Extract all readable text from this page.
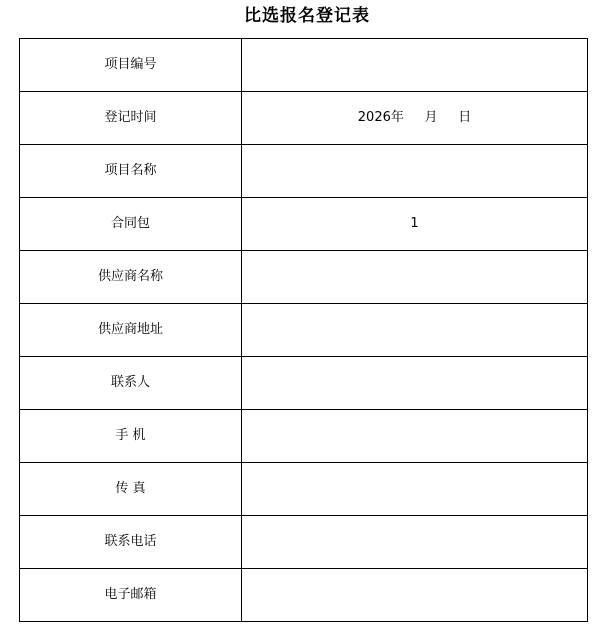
比选报名登记表
项目编号	
登记时间	2026年     月     日
项目名称	
合同包	1
供应商名称	
供应商地址	
联系人	
手 机	
传 真	
联系电话	
电子邮箱	
